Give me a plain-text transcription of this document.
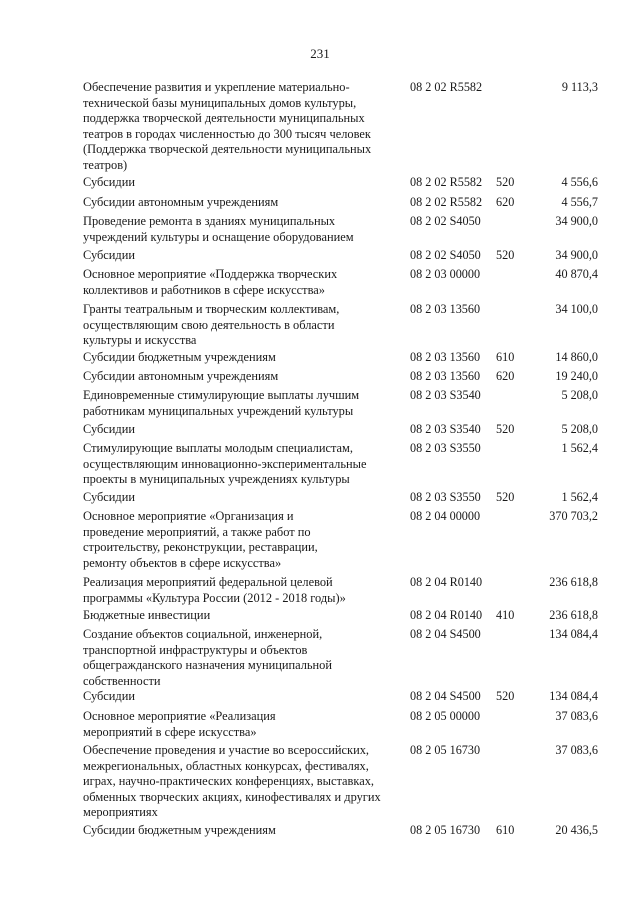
231
Обеспечение развития и укрепление материально-
технической базы муниципальных домов культуры,
поддержка творческой деятельности муниципальных
театров в городах численностью до 300 тысяч человек
(Поддержка творческой деятельности муниципальных
театров)
08 2 02 R5582	9 113,3
Субсидии	08 2 02 R5582 520	4 556,6
Субсидии автономным учреждениям	08 2 02 R5582 620	4 556,7
Проведение ремонта в зданиях муниципальных
учреждений культуры и оснащение оборудованием
08 2 02 S4050	34 900,0
Субсидии	08 2 02 S4050 520	34 900,0
Основное мероприятие «Поддержка творческих
коллективов и работников в сфере искусства»
08 2 03 00000	40 870,4
Гранты театральным и творческим коллективам,
осуществляющим свою деятельность в области
культуры и искусства
08 2 03 13560	34 100,0
Субсидии бюджетным учреждениям	08 2 03 13560 610	14 860,0
Субсидии автономным учреждениям	08 2 03 13560 620	19 240,0
Единовременные стимулирующие выплаты лучшим
работникам муниципальных учреждений культуры
08 2 03 S3540	5 208,0
Субсидии	08 2 03 S3540 520	5 208,0
Стимулирующие выплаты молодым специалистам,
осуществляющим инновационно-экспериментальные
проекты в муниципальных учреждениях культуры
08 2 03 S3550	1 562,4
Субсидии	08 2 03 S3550 520	1 562,4
Основное мероприятие «Организация и
проведение мероприятий, а также работ по
строительству, реконструкции, реставрации,
ремонту объектов в сфере искусства»
08 2 04 00000	370 703,2
Реализация мероприятий федеральной целевой
программы «Культура России (2012 - 2018 годы)»
08 2 04 R0140	236 618,8
Бюджетные инвестиции	08 2 04 R0140 410	236 618,8
Создание объектов социальной, инженерной,
транспортной инфраструктуры и объектов
общегражданского назначения муниципальной
собственности
08 2 04 S4500	134 084,4
Субсидии	08 2 04 S4500 520	134 084,4
Основное мероприятие «Реализация
мероприятий в сфере искусства»
08 2 05 00000	37 083,6
Обеспечение проведения и участие во всероссийских,
межрегиональных, областных конкурсах, фестивалях,
играх, научно-практических конференциях, выставках,
обменных творческих акциях, кинофестивалях и других
мероприятиях
08 2 05 16730	37 083,6
Субсидии бюджетным учреждениям	08 2 05 16730 610	20 436,5
